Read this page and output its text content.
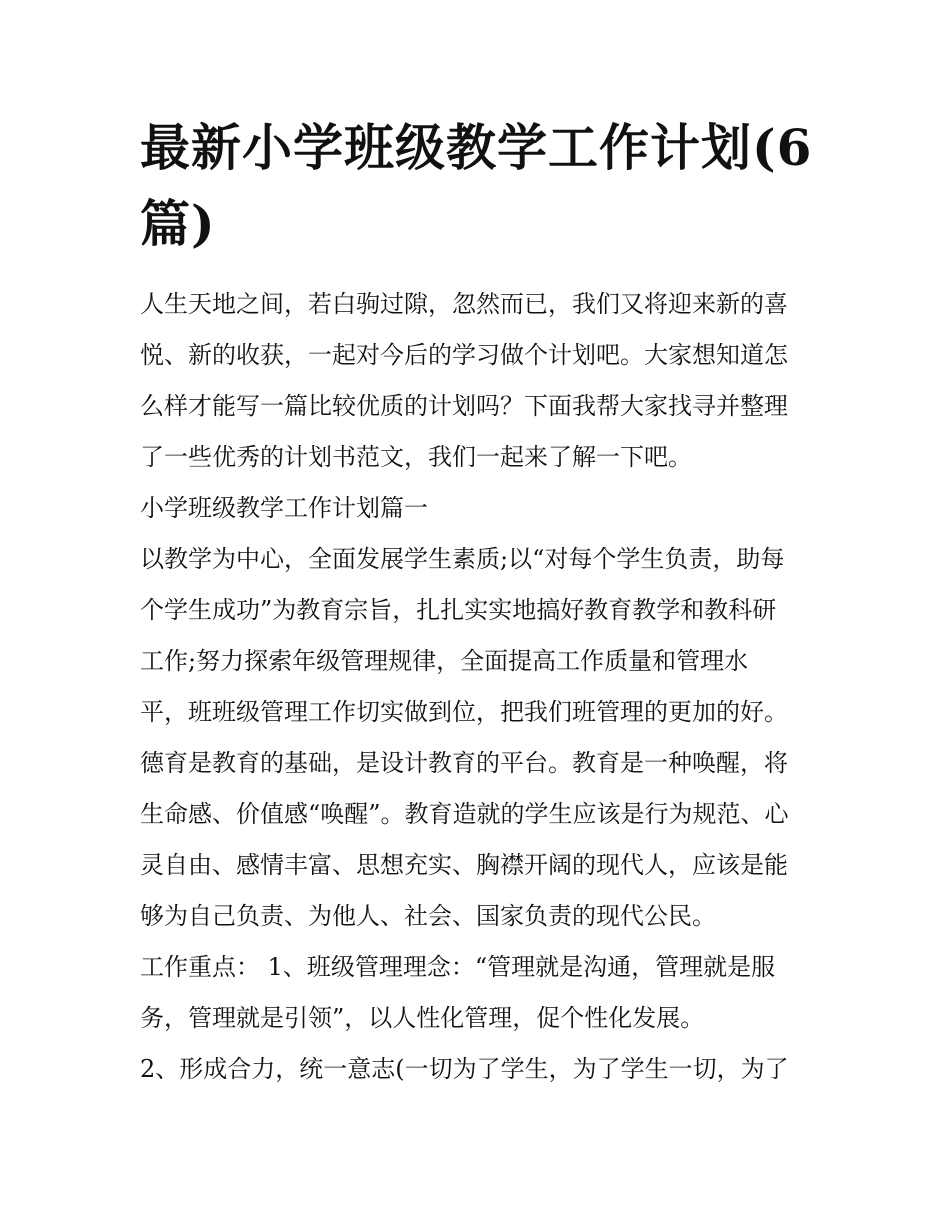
最新小学班级教学工作计划(6
篇)

人生天地之间，若白驹过隙，忽然而已，我们又将迎来新的喜
悦、新的收获，一起对今后的学习做个计划吧。大家想知道怎
么样才能写一篇比较优质的计划吗？下面我帮大家找寻并整理
了一些优秀的计划书范文，我们一起来了解一下吧。

小学班级教学工作计划篇一

以教学为中心，全面发展学生素质;以“对每个学生负责，助每
个学生成功”为教育宗旨，扎扎实实地搞好教育教学和教科研
工作;努力探索年级管理规律，全面提高工作质量和管理水
平，班班级管理工作切实做到位，把我们班管理的更加的好。

德育是教育的基础，是设计教育的平台。教育是一种唤醒，将
生命感、价值感“唤醒”。教育造就的学生应该是行为规范、心
灵自由、感情丰富、思想充实、胸襟开阔的现代人，应该是能
够为自己负责、为他人、社会、国家负责的现代公民。

工作重点： 1、班级管理理念：“管理就是沟通，管理就是服
务，管理就是引领”，以人性化管理，促个性化发展。

2、形成合力，统一意志(一切为了学生，为了学生一切，为了
